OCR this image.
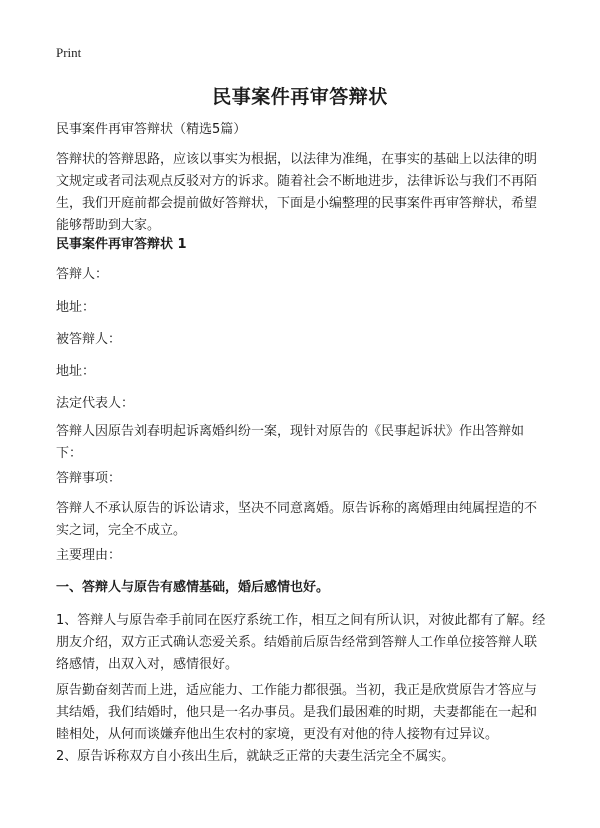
Print
民事案件再审答辩状

民事案件再审答辩状（精选5篇）

答辩状的答辩思路，应该以事实为根据，以法律为准绳，在事实的基础上以法律的明文规定或者司法观点反驳对方的诉求。随着社会不断地进步，法律诉讼与我们不再陌生，我们开庭前都会提前做好答辩状，下面是小编整理的民事案件再审答辩状，希望能够帮助到大家。

民事案件再审答辩状 1

答辩人：

地址：

被答辩人：

地址：

法定代表人：

答辩人因原告刘春明起诉离婚纠纷一案，现针对原告的《民事起诉状》作出答辩如下：

答辩事项：

答辩人不承认原告的诉讼请求，坚决不同意离婚。原告诉称的离婚理由纯属捏造的不实之词，完全不成立。

主要理由：

一、答辩人与原告有感情基础，婚后感情也好。

1、答辩人与原告牵手前同在医疗系统工作，相互之间有所认识，对彼此都有了解。经朋友介绍，双方正式确认恋爱关系。结婚前后原告经常到答辩人工作单位接答辩人联络感情，出双入对，感情很好。

原告勤奋刻苦而上进，适应能力、工作能力都很强。当初，我正是欣赏原告才答应与其结婚，我们结婚时，他只是一名办事员。是我们最困难的时期，夫妻都能在一起和睦相处，从何而谈嫌弃他出生农村的家境，更没有对他的待人接物有过异议。

2、原告诉称双方自小孩出生后，就缺乏正常的夫妻生活完全不属实。
